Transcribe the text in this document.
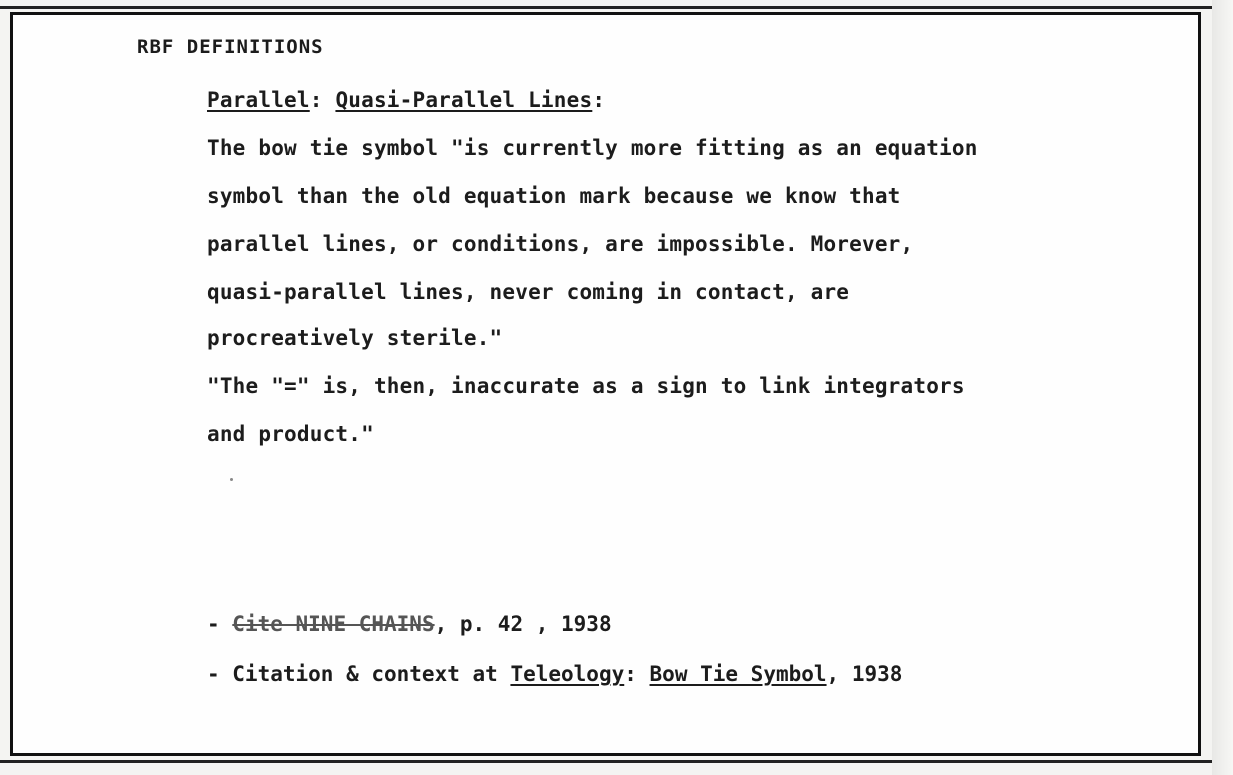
RBF DEFINITIONS
Parallel: Quasi-Parallel Lines:
The bow tie symbol "is currently more fitting as an equation
symbol than the old equation mark because we know that
parallel lines, or conditions, are impossible. Morever,
quasi-parallel lines, never coming in contact, are
procreatively sterile."
"The "=" is, then, inaccurate as a sign to link integrators
and product."
- Cite NINE CHAINS, p. 42 , 1938
- Citation & context at Teleology: Bow Tie Symbol, 1938
